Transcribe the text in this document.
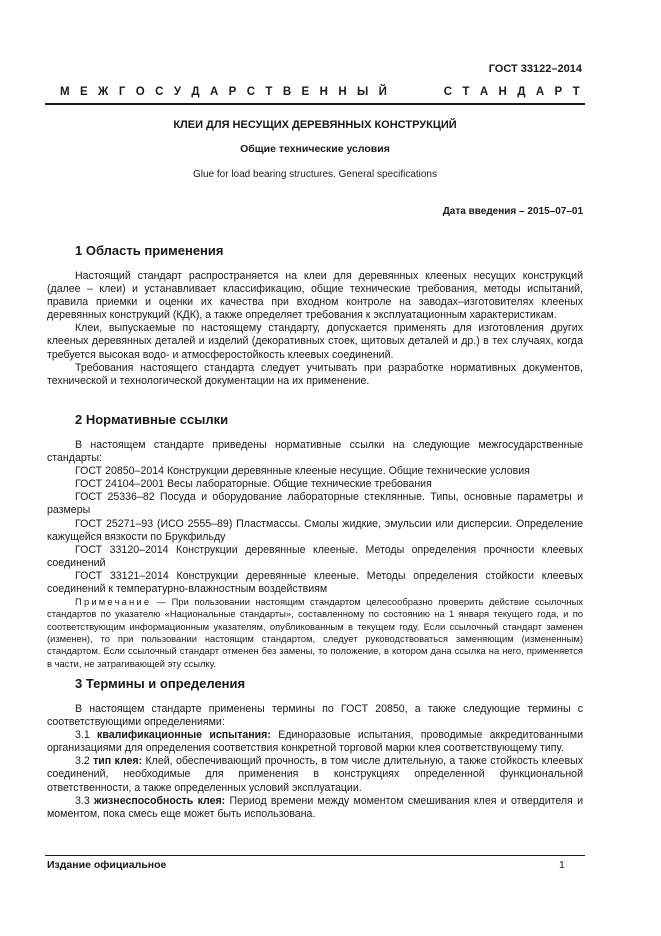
ГОСТ 33122–2014
М Е Ж Г О С У Д А Р С Т В Е Н Н Ы Й	С Т А Н Д А Р Т
КЛЕИ ДЛЯ НЕСУЩИХ ДЕРЕВЯННЫХ КОНСТРУКЦИЙ
Общие технические условия
Glue for load bearing structures. General specifications
Дата введения – 2015–07–01
1 Область применения

Настоящий стандарт распространяется на клеи для деревянных клееных несущих конструкций (далее – клеи) и устанавливает классификацию, общие технические требования, методы испытаний, правила приемки и оценки их качества при входном контроле на заводах–изготовителях клееных деревянных конструкций (КДК), а также определяет требования к эксплуатационным характеристикам.

Клеи, выпускаемые по настоящему стандарту, допускается применять для изготовления других клееных деревянных деталей и изделий (декоративных стоек, щитовых деталей и др.) в тех случаях, когда требуется высокая водо- и атмосферостойкость клеевых соединений.

Требования настоящего стандарта следует учитывать при разработке нормативных документов, технической и технологической документации на их применение.

2 Нормативные ссылки

В настоящем стандарте приведены нормативные ссылки на следующие межгосударственные стандарты:

ГОСТ 20850–2014 Конструкции деревянные клееные несущие. Общие технические условия

ГОСТ 24104–2001 Весы лабораторные. Общие технические требования

ГОСТ 25336–82 Посуда и оборудование лабораторные стеклянные. Типы, основные параметры и размеры

ГОСТ 25271–93 (ИСО 2555–89) Пластмассы. Смолы жидкие, эмульсии или дисперсии. Определение кажущейся вязкости по Брукфильду

ГОСТ 33120–2014 Конструкции деревянные клееные. Методы определения прочности клеевых соединений

ГОСТ 33121–2014 Конструкции деревянные клееные. Методы определения стойкости клеевых соединений к температурно-влажностным воздействиям

Примечание — При пользовании настоящим стандартом целесообразно проверить действие ссылочных стандартов по указателю «Национальные стандарты», составленному по состоянию на 1 января текущего года, и по соответствующим информационным указателям, опубликованным в текущем году. Если ссылочный стандарт заменен (изменен), то при пользовании настоящим стандартом, следует руководствоваться заменяющим (измененным) стандартом. Если ссылочный стандарт отменен без замены, то положение, в котором дана ссылка на него, применяется в части, не затрагивающей эту ссылку.

3 Термины и определения

В настоящем стандарте применены термины по ГОСТ 20850, а также следующие термины с соответствующими определениями:

3.1 квалификационные испытания: Единоразовые испытания, проводимые аккредитованными организациями для определения соответствия конкретной торговой марки клея соответствующему типу.

3.2 тип клея: Клей, обеспечивающий прочность, в том числе длительную, а также стойкость клеевых соединений, необходимые для применения в конструкциях определенной функциональной ответственности, а также определенных условий эксплуатации.

3.3 жизнеспособность клея: Период времени между моментом смешивания клея и отвердителя и моментом, пока смесь еще может быть использована.

Издание официальное	1
